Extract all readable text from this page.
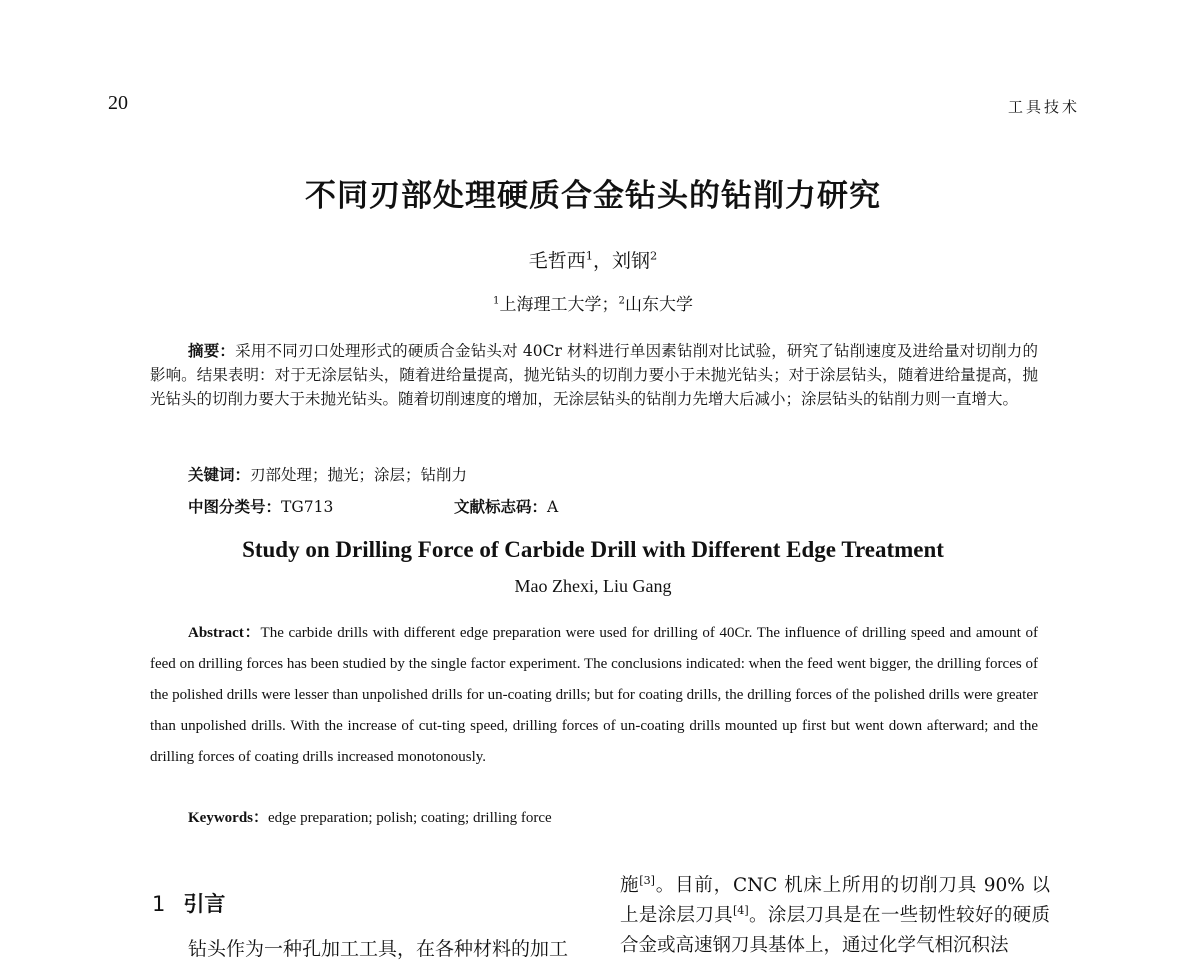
20	工具技术
不同刃部处理硬质合金钻头的钻削力研究
毛哲西$^1$，刘钢$^2$
$^1$上海理工大学；$^2$山东大学
摘要：采用不同刃口处理形式的硬质合金钻头对 40Cr 材料进行单因素钻削对比试验，研究了钻削速度及进给量对切削力的影响。结果表明：对于无涂层钻头，随着进给量提高，抛光钻头的切削力要小于未抛光钻头；对于涂层钻头，随着进给量提高，抛光钻头的切削力要大于未抛光钻头。随着切削速度的增加，无涂层钻头的钻削力先增大后减小；涂层钻头的钻削力则一直增大。
关键词：刃部处理；抛光；涂层；钻削力
中图分类号：TG713	文献标志码：A
Study on Drilling Force of Carbide Drill with Different Edge Treatment
Mao Zhexi, Liu Gang
Abstract：The carbide drills with different edge preparation were used for drilling of 40Cr. The influence of drilling speed and amount of feed on drilling forces has been studied by the single factor experiment. The conclusions indicated: when the feed went bigger, the drilling forces of the polished drills were lesser than unpolished drills for un-coating drills; but for coating drills, the drilling forces of the polished drills were greater than unpolished drills. With the increase of cut-ting speed, drilling forces of un-coating drills mounted up first but went down afterward; and the drilling forces of coating drills increased monotonously.
Keywords：edge preparation; polish; coating; drilling force
1 引言
钻头作为一种孔加工工具，在各种材料的加工
施[3]。目前，CNC 机床上所用的切削刀具 90% 以上是涂层刀具[4]。涂层刀具是在一些韧性较好的硬质合金或高速钢刀具基体上，通过化学气相沉积法
